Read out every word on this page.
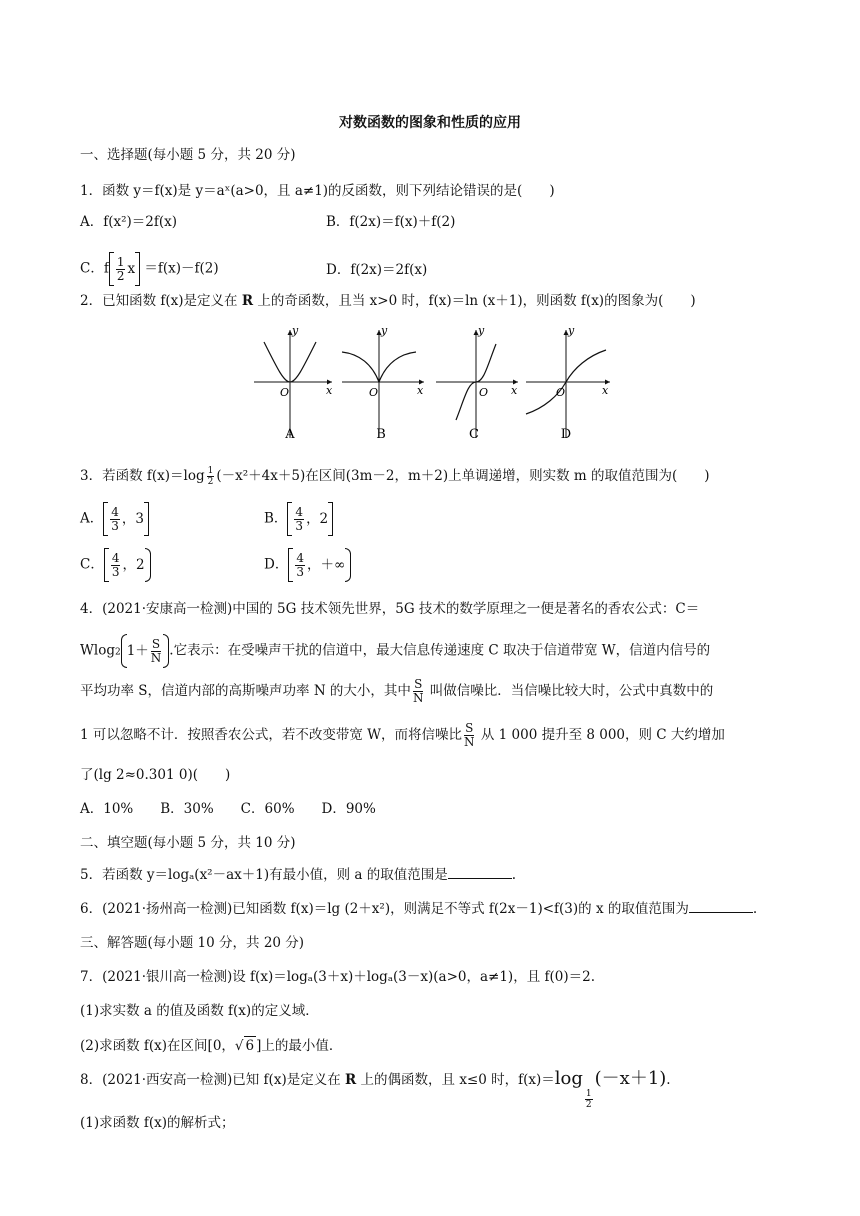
对数函数的图象和性质的应用
一、选择题(每小题 5 分，共 20 分)
1．函数 y＝f(x)是 y＝aˣ(a>0，且 a≠1)的反函数，则下列结论错误的是(　　)
A．f(x²)＝2f(x)	B．f(2x)＝f(x)＋f(2)
C．f $\frac{1}{2}$ x ＝f(x)－f(2)	D．f(2x)＝2f(x)
2．已知函数 f(x)是定义在 R 上的奇函数，且当 x>0 时，f(x)＝ln (x＋1)，则函数 f(x)的图象为(　　)
y
x
O
A
y
x
O
B
y
x
O
C
y
x
O
D
3．若函数 $f(x)=\log \frac{1}{2} (-x^2+4x+5)$在区间(3m－2，m＋2)上单调递增，则实数 m 的取值范围为(　　)
A． $\frac{4}{3}$ ，3	B． $\frac{4}{3}$ ，2
C． $\frac{4}{3}$ ，2	D． $\frac{4}{3}$ ，＋∞
4．(2021·安康高一检测)中国的 5G 技术领先世界，5G 技术的数学原理之一便是著名的香农公式：C＝
Wlog2 $1+ \frac{S}{N}$ .它表示：在受噪声干扰的信道中，最大信息传递速度 C 取决于信道带宽 W，信道内信号的
平均功率 S，信道内部的高斯噪声功率 N 的大小，其中 $\frac{S}{N}$ 叫做信噪比．当信噪比较大时，公式中真数中的
1 可以忽略不计．按照香农公式，若不改变带宽 W，而将信噪比 $\frac{S}{N}$ 从 1 000 提升至 8 000，则 C 大约增加
了(lg 2≈0.301 0)(　　)
A．10%　　B．30%　　C．60%　　D．90%
二、填空题(每小题 5 分，共 10 分)
5．若函数 y＝logₐ(x²－ax＋1)有最小值，则 a 的取值范围是	.
6．(2021·扬州高一检测)已知函数 f(x)＝lg (2＋x²)，则满足不等式 f(2x－1)<f(3)的 x 的取值范围为	.
三、解答题(每小题 10 分，共 20 分)
7．(2021·银川高一检测)设 f(x)＝logₐ(3＋x)＋logₐ(3－x)(a>0，a≠1)，且 f(0)＝2.
(1)求实数 a 的值及函数 f(x)的定义域．
(2)求函数 f(x)在区间[0，√ 6 ]上的最小值．
8．(2021·西安高一检测)已知 f(x)是定义在 R 上的偶函数，且 x≤0 时，f(x)＝log
$\frac{1}{2}$
(－x＋1).
(1)求函数 f(x)的解析式；
